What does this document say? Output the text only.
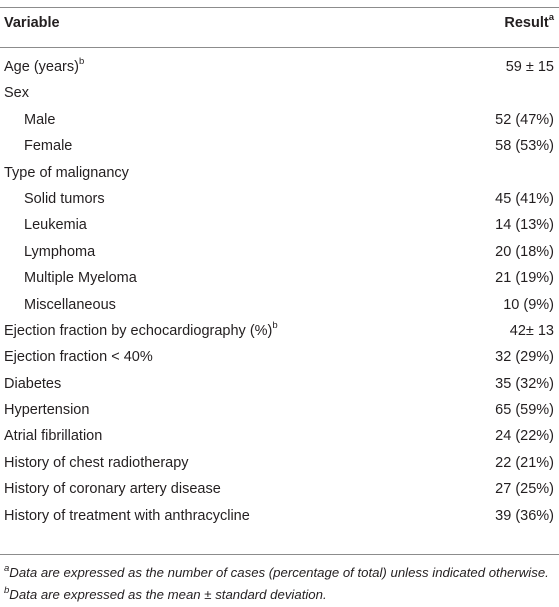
Variable	Result$^a$
Age (years)$^b$	59 ± 15
Sex
Male	52 (47%)
Female	58 (53%)
Type of malignancy
Solid tumors	45 (41%)
Leukemia	14 (13%)
Lymphoma	20 (18%)
Multiple Myeloma	21 (19%)
Miscellaneous	10 (9%)
Ejection fraction by echocardiography (%)$^b$	42± 13
Ejection fraction < 40%	32 (29%)
Diabetes	35 (32%)
Hypertension	65 (59%)
Atrial fibrillation	24 (22%)
History of chest radiotherapy	22 (21%)
History of coronary artery disease	27 (25%)
History of treatment with anthracycline	39 (36%)
$^a$Data are expressed as the number of cases (percentage of total) unless indicated otherwise.
$^b$Data are expressed as the mean ± standard deviation.
